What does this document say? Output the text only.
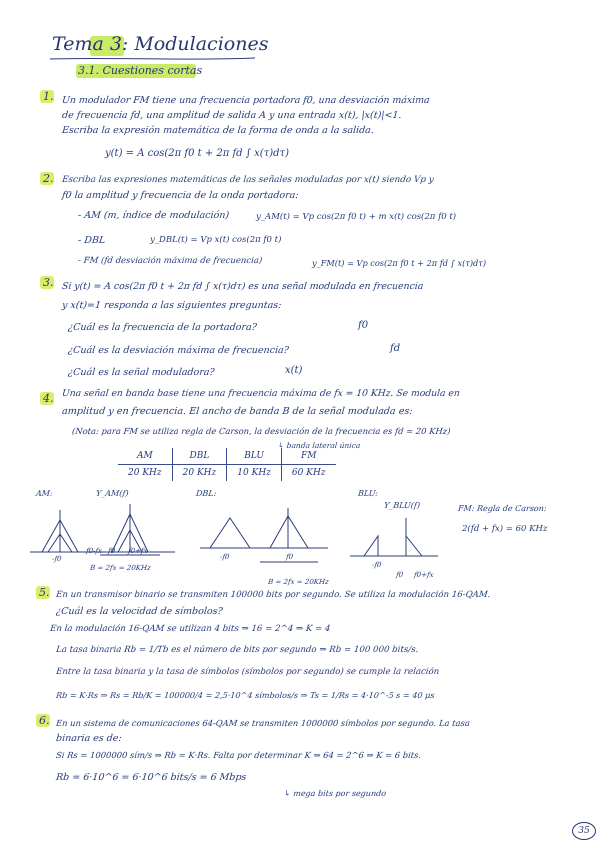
Tema 3: Modulaciones
3.1. Cuestiones cortas
1. Un modulador FM tiene una frecuencia portadora f0, una desviación máxima
de frecuencia fd, una amplitud de salida A y una entrada x(t), |x(t)|<1.
Escriba la expresión matemática de la forma de onda a la salida.
y(t) = A cos(2π f0 t + 2π fd ∫ x(τ)dτ)
2. Escriba las expresiones matemáticas de las señales moduladas por x(t) siendo Vp y
f0 la amplitud y frecuencia de la onda portadora:
- AM (m, índice de modulación)	y_AM(t) = Vp cos(2π f0 t) + m x(t) cos(2π f0 t)
- DBL	y_DBL(t) = Vp x(t) cos(2π f0 t)
- FM (fd desviación máxima de frecuencia)	y_FM(t) = Vp cos(2π f0 t + 2π fd ∫ x(τ)dτ)
3. Si y(t) = A cos(2π f0 t + 2π fd ∫ x(τ)dτ) es una señal modulada en frecuencia
y x(t)=1 responda a las siguientes preguntas:
¿Cuál es la frecuencia de la portadora?	f0
¿Cuál es la desviación máxima de frecuencia?	fd
¿Cuál es la señal moduladora?	x(t)
4. Una señal en banda base tiene una frecuencia máxima de fx = 10 KHz. Se modula en
amplitud y en frecuencia. El ancho de banda B de la señal modulada es:
(Nota: para FM se utiliza regla de Carson, la desviación de la frecuencia es fd = 20 KHz)
↳ banda lateral única
AM	DBL	BLU	FM
20 KHz	20 KHz	10 KHz	60 KHz
AM:	Y_AM(f)
-f0
f0-fx f0 f0+fx
B = 2fx = 20KHz
DBL:
-f0	f0
B = 2fx = 20KHz
BLU:
Y_BLU(f)
-f0
f0 f0+fx
FM: Regla de Carson:
2(fd + fx) = 60 KHz
5. En un transmisor binario se transmiten 100000 bits por segundo. Se utiliza la modulación 16-QAM.
¿Cuál es la velocidad de símbolos?
En la modulación 16-QAM se utilizan 4 bits ⇒ 16 = 2^4 ⇒ K = 4
La tasa binaria Rb = 1/Tb es el número de bits por segundo ⇒ Rb = 100 000 bits/s.
Entre la tasa binaria y la tasa de símbolos (símbolos por segundo) se cumple la relación
Rb = K·Rs ⇒ Rs = Rb/K = 100000/4 = 2,5·10^4 símbolos/s ⇒ Ts = 1/Rs = 4·10^-5 s = 40 μs
6. En un sistema de comunicaciones 64-QAM se transmiten 1000000 símbolos por segundo. La tasa
binaria es de:
Si Rs = 1000000 sím/s ⇒ Rb = K·Rs. Falta por determinar K ⇒ 64 = 2^6 ⇒ K = 6 bits.
Rb = 6·10^6 = 6·10^6 bits/s = 6 Mbps
↳ mega bits por segundo
35
